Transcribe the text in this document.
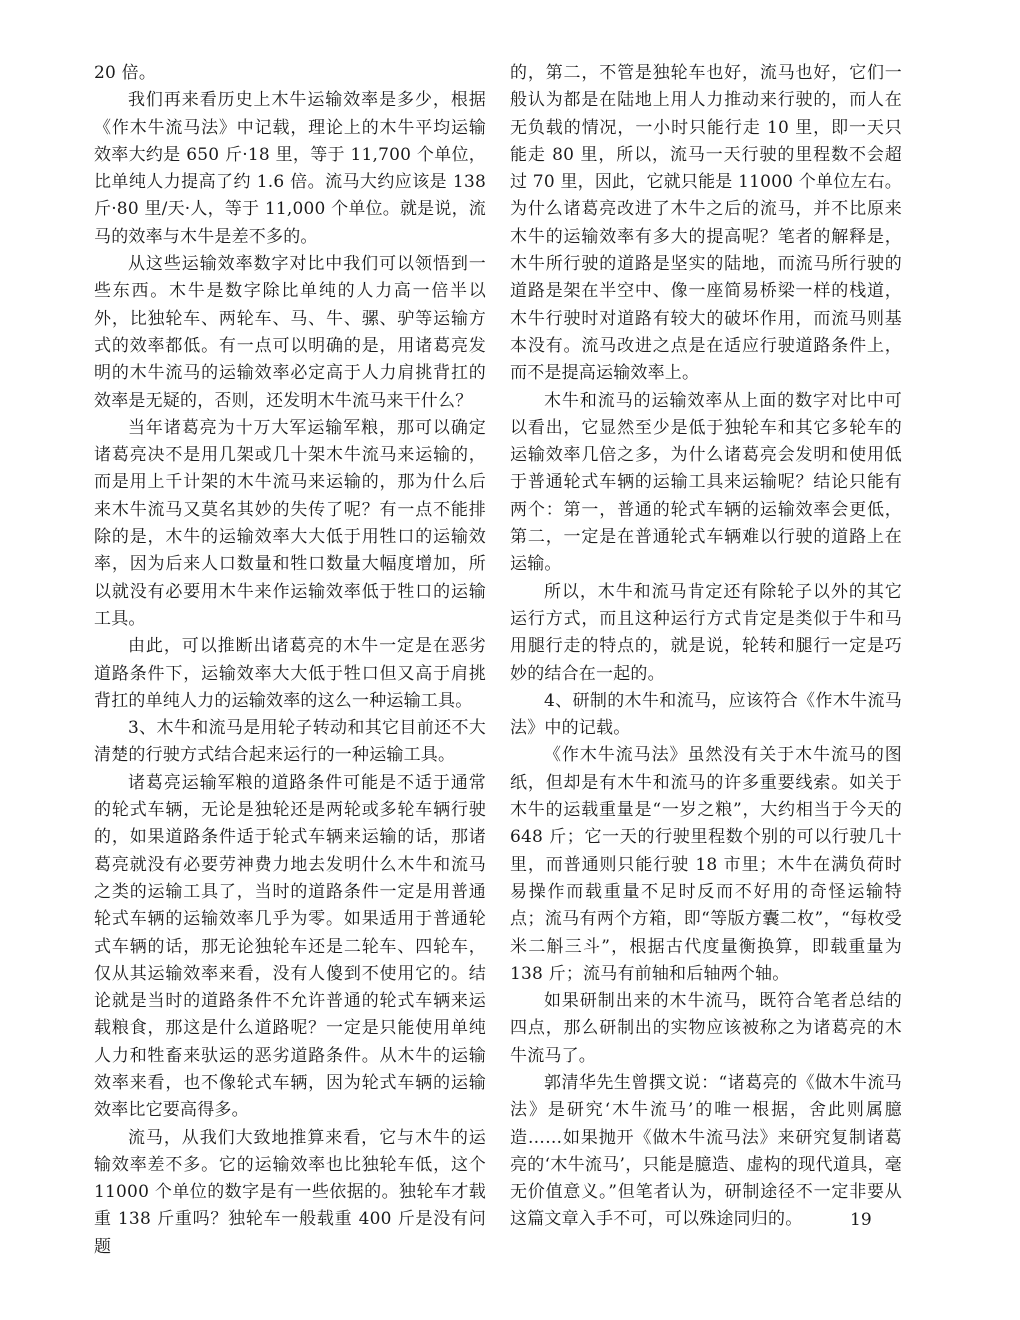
20 倍。

我们再来看历史上木牛运输效率是多少，根据《作木牛流马法》中记载，理论上的木牛平均运输效率大约是 650 斤·18 里，等于 11,700 个单位，比单纯人力提高了约 1.6 倍。流马大约应该是 138 斤·80 里/天·人，等于 11,000 个单位。就是说，流马的效率与木牛是差不多的。

从这些运输效率数字对比中我们可以领悟到一些东西。木牛是数字除比单纯的人力高一倍半以外，比独轮车、两轮车、马、牛、骡、驴等运输方式的效率都低。有一点可以明确的是，用诸葛亮发明的木牛流马的运输效率必定高于人力肩挑背扛的效率是无疑的，否则，还发明木牛流马来干什么？

当年诸葛亮为十万大军运输军粮，那可以确定诸葛亮决不是用几架或几十架木牛流马来运输的，而是用上千计架的木牛流马来运输的，那为什么后来木牛流马又莫名其妙的失传了呢？有一点不能排除的是，木牛的运输效率大大低于用牲口的运输效率，因为后来人口数量和牲口数量大幅度增加，所以就没有必要用木牛来作运输效率低于牲口的运输工具。

由此，可以推断出诸葛亮的木牛一定是在恶劣道路条件下，运输效率大大低于牲口但又高于肩挑背扛的单纯人力的运输效率的这么一种运输工具。

3、木牛和流马是用轮子转动和其它目前还不大清楚的行驶方式结合起来运行的一种运输工具。

诸葛亮运输军粮的道路条件可能是不适于通常的轮式车辆，无论是独轮还是两轮或多轮车辆行驶的，如果道路条件适于轮式车辆来运输的话，那诸葛亮就没有必要劳神费力地去发明什么木牛和流马之类的运输工具了，当时的道路条件一定是用普通轮式车辆的运输效率几乎为零。如果适用于普通轮式车辆的话，那无论独轮车还是二轮车、四轮车，仅从其运输效率来看，没有人傻到不使用它的。结论就是当时的道路条件不允许普通的轮式车辆来运载粮食，那这是什么道路呢？一定是只能使用单纯人力和牲畜来驮运的恶劣道路条件。从木牛的运输效率来看，也不像轮式车辆，因为轮式车辆的运输效率比它要高得多。

流马，从我们大致地推算来看，它与木牛的运输效率差不多。它的运输效率也比独轮车低，这个 11000 个单位的数字是有一些依据的。独轮车才载重 138 斤重吗？独轮车一般载重 400 斤是没有问题

的，第二，不管是独轮车也好，流马也好，它们一般认为都是在陆地上用人力推动来行驶的，而人在无负载的情况，一小时只能行走 10 里，即一天只能走 80 里，所以，流马一天行驶的里程数不会超过 70 里，因此，它就只能是 11000 个单位左右。为什么诸葛亮改进了木牛之后的流马，并不比原来木牛的运输效率有多大的提高呢？笔者的解释是，木牛所行驶的道路是坚实的陆地，而流马所行驶的道路是架在半空中、像一座简易桥梁一样的栈道，木牛行驶时对道路有较大的破坏作用，而流马则基本没有。流马改进之点是在适应行驶道路条件上，而不是提高运输效率上。

木牛和流马的运输效率从上面的数字对比中可以看出，它显然至少是低于独轮车和其它多轮车的运输效率几倍之多，为什么诸葛亮会发明和使用低于普通轮式车辆的运输工具来运输呢？结论只能有两个：第一，普通的轮式车辆的运输效率会更低，第二，一定是在普通轮式车辆难以行驶的道路上在运输。

所以，木牛和流马肯定还有除轮子以外的其它运行方式，而且这种运行方式肯定是类似于牛和马用腿行走的特点的，就是说，轮转和腿行一定是巧妙的结合在一起的。

4、研制的木牛和流马，应该符合《作木牛流马法》中的记载。

《作木牛流马法》虽然没有关于木牛流马的图纸，但却是有木牛和流马的许多重要线索。如关于木牛的运载重量是“一岁之粮”，大约相当于今天的 648 斤；它一天的行驶里程数个别的可以行驶几十里，而普通则只能行驶 18 市里；木牛在满负荷时易操作而载重量不足时反而不好用的奇怪运输特点；流马有两个方箱，即“等版方囊二枚”，“每枚受米二斛三斗”，根据古代度量衡换算，即载重量为 138 斤；流马有前轴和后轴两个轴。

如果研制出来的木牛流马，既符合笔者总结的四点，那么研制出的实物应该被称之为诸葛亮的木牛流马了。

郭清华先生曾撰文说：“诸葛亮的《做木牛流马法》是研究‘木牛流马’的唯一根据，舍此则属臆造……如果抛开《做木牛流马法》来研究复制诸葛亮的‘木牛流马’，只能是臆造、虚构的现代道具，毫无价值意义。”但笔者认为，研制途径不一定非要从这篇文章入手不可，可以殊途同归的。	19
